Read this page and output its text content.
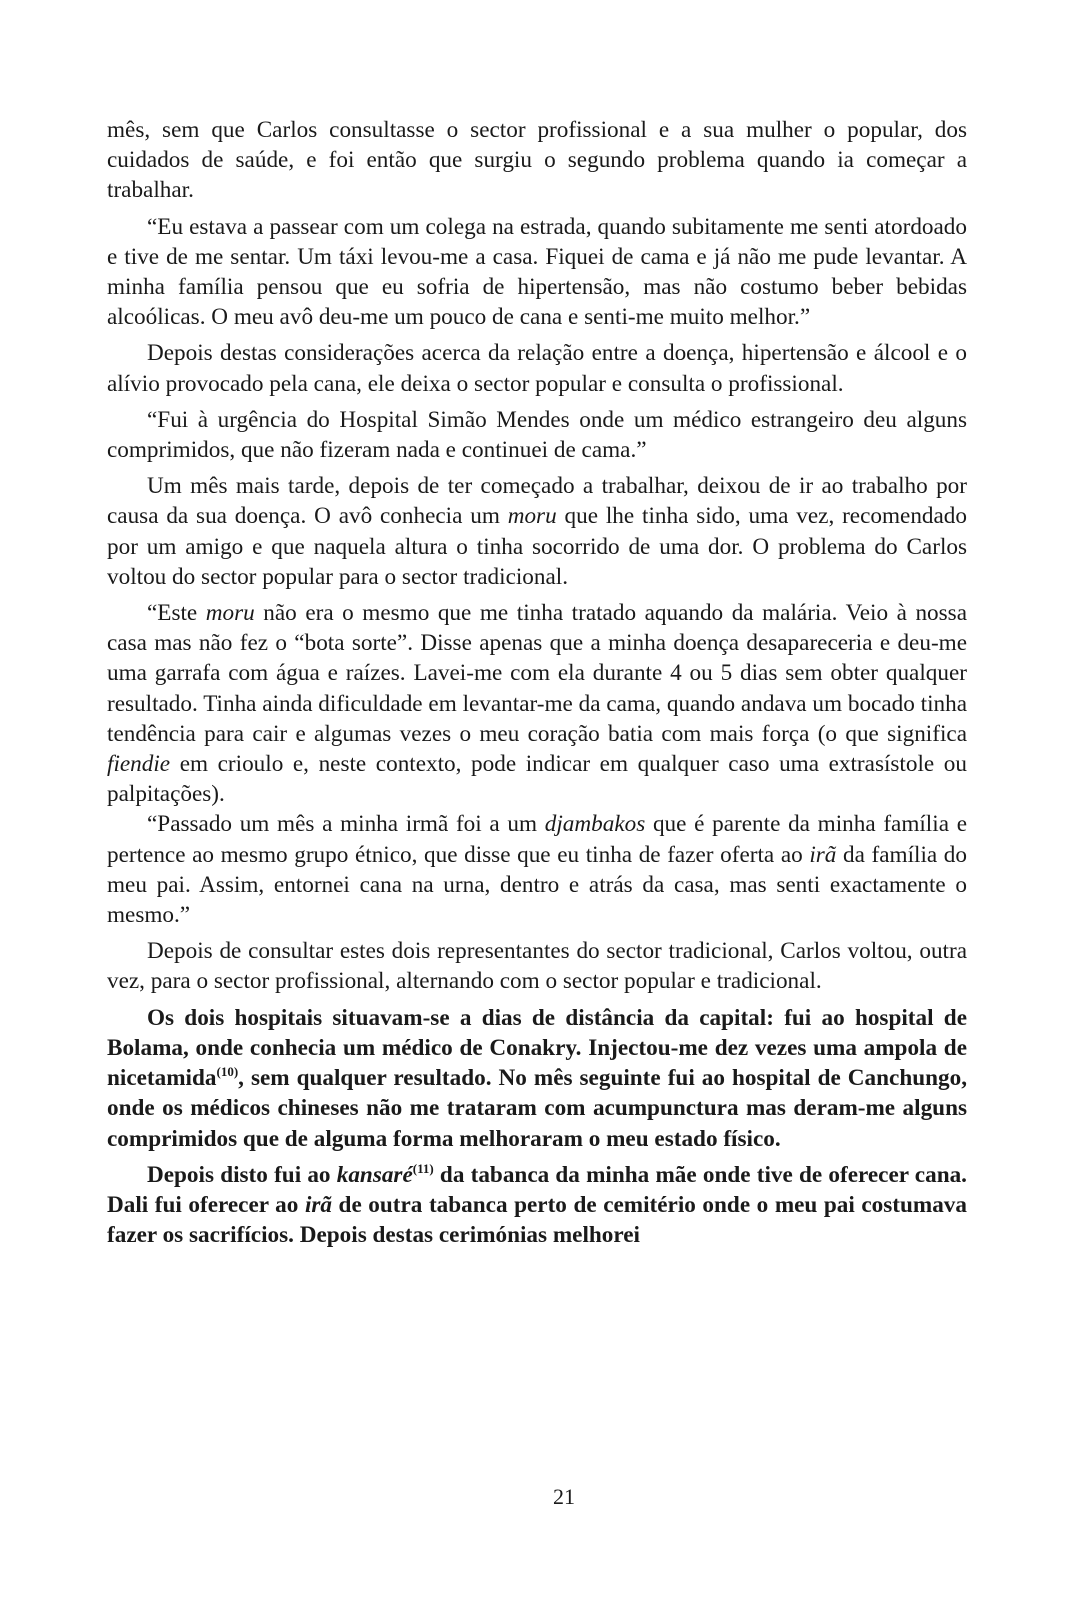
mês, sem que Carlos consultasse o sector profissional e a sua mulher o popular, dos cuidados de saúde, e foi então que surgiu o segundo problema quando ia começar a trabalhar.

“Eu estava a passear com um colega na estrada, quando subitamente me senti atordoado e tive de me sentar. Um táxi levou-me a casa. Fiquei de cama e já não me pude levantar. A minha família pensou que eu sofria de hipertensão, mas não costumo beber bebidas alcoólicas. O meu avô deu-me um pouco de cana e senti-me muito melhor.”

Depois destas considerações acerca da relação entre a doença, hipertensão e álcool e o alívio provocado pela cana, ele deixa o sector popular e consulta o profissional.

“Fui à urgência do Hospital Simão Mendes onde um médico estrangeiro deu alguns comprimidos, que não fizeram nada e continuei de cama.”

Um mês mais tarde, depois de ter começado a trabalhar, deixou de ir ao trabalho por causa da sua doença. O avô conhecia um moru que lhe tinha sido, uma vez, recomendado por um amigo e que naquela altura o tinha socorrido de uma dor. O problema do Carlos voltou do sector popular para o sector tradicional.

“Este moru não era o mesmo que me tinha tratado aquando da malária. Veio à nossa casa mas não fez o “bota sorte”. Disse apenas que a minha doença desapareceria e deu-me uma garrafa com água e raízes. Lavei-me com ela durante 4 ou 5 dias sem obter qualquer resultado. Tinha ainda dificuldade em levantar-me da cama, quando andava um bocado tinha tendência para cair e algumas vezes o meu coração batia com mais força (o que significa fiendie em crioulo e, neste contexto, pode indicar em qualquer caso uma extrasístole ou palpitações).

“Passado um mês a minha irmã foi a um djambakos que é parente da minha família e pertence ao mesmo grupo étnico, que disse que eu tinha de fazer oferta ao irã da família do meu pai. Assim, entornei cana na urna, dentro e atrás da casa, mas senti exactamente o mesmo.”

Depois de consultar estes dois representantes do sector tradicional, Carlos voltou, outra vez, para o sector profissional, alternando com o sector popular e tradicional.

Os dois hospitais situavam-se a dias de distância da capital: fui ao hospital de Bolama, onde conhecia um médico de Conakry. Injectou-me dez vezes uma ampola de nicetamida$^{(10)}$, sem qualquer resultado. No mês seguinte fui ao hospital de Canchungo, onde os médicos chineses não me trataram com acumpunctura mas deram-me alguns comprimidos que de alguma forma melhoraram o meu estado físico.

Depois disto fui ao kansaré$^{(11)}$ da tabanca da minha mãe onde tive de oferecer cana. Dali fui oferecer ao irã de outra tabanca perto de cemitério onde o meu pai costumava fazer os sacrifícios. Depois destas cerimónias melhorei

21
